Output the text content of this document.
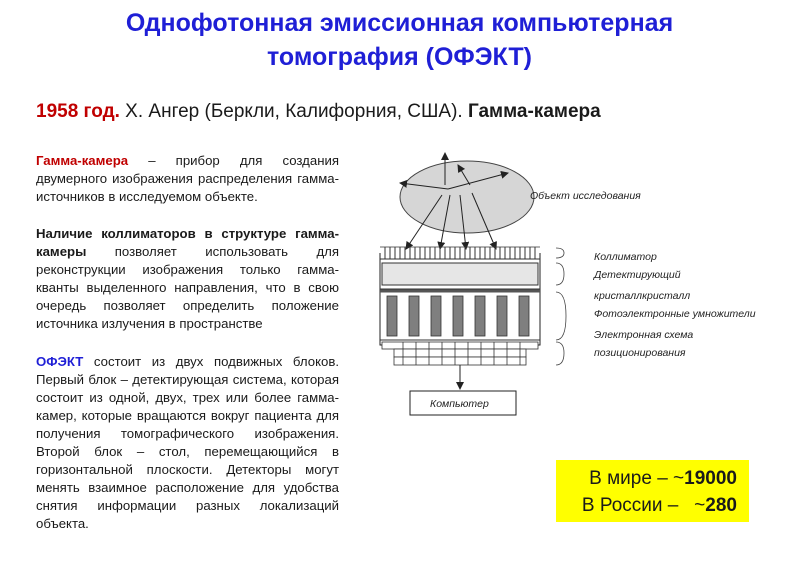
Однофотонная эмиссионная компьютерная
томография (ОФЭКТ)
1958 год. Х. Ангер (Беркли, Калифорния, США). Гамма-камера
Гамма-камера – прибор для создания двумерного изображения распределения гамма-источников в исследуемом объекте.
Наличие коллиматоров в структуре гамма-камеры позволяет использовать для реконструкции изображения только гамма-кванты выделенного направления, что в свою очередь позволяет определить положение источника излучения в пространстве
ОФЭКТ состоит из двух подвижных блоков. Первый блок – детектирующая система, которая состоит из одной, двух, трех или более гамма-камер, которые вращаются вокруг пациента для получения томографического изображения. Второй блок – стол, перемещающийся в горизонтальной плоскости. Детекторы могут менять взаимное расположение для удобства снятия информации разных локализаций объекта.
Объект исследования
Компьютер
Коллиматор
Детектирующий
кристаллкристалл
Фотоэлектронные умножители
Электронная схема
позиционирования
В мире – ~19000
В России –   ~280
